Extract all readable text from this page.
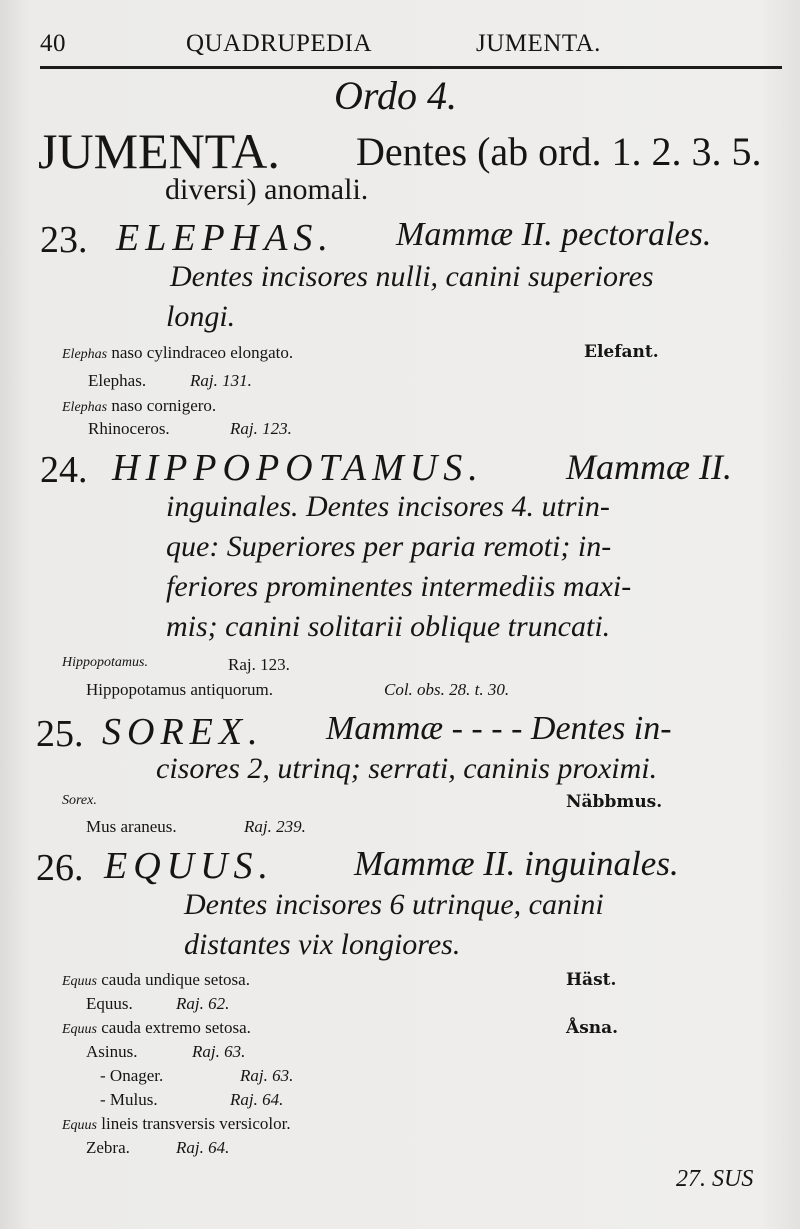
40	QUADRUPEDIA	JUMENTA.
Ordo 4.
JUMENTA. Dentes (ab ord. 1. 2. 3. 5.
diversi) anomali.
23. ELEPHAS. Mammæ II. pectorales.
Dentes incisores nulli, canini superiores
longi.
Elephas naso cylindraceo elongato.	Elefant.
Elephas.	Raj. 131.
Elephas naso cornigero.
Rhinoceros.	Raj. 123.
24. HIPPOPOTAMUS. Mammæ II.
inguinales. Dentes incisores 4. utrin-
que: Superiores per paria remoti; in-
feriores prominentes intermediis maxi-
mis; canini solitarii oblique truncati.
Hippopotamus.	Raj. 123.
Hippopotamus antiquorum.	Col. obs. 28. t. 30.
25. SOREX. Mammæ - - - - Dentes in-
cisores 2, utrinq; serrati, caninis proximi.
Sorex.	Näbbmus.
Mus araneus.	Raj. 239.
26. EQUUS. Mammæ II. inguinales.
Dentes incisores 6 utrinque, canini
distantes vix longiores.
Equus cauda undique setosa.	Häst.
Equus.	Raj. 62.
Equus cauda extremo setosa.	Åsna.
Asinus.	Raj. 63.
- Onager.	Raj. 63.
- Mulus.	Raj. 64.
Equus lineis transversis versicolor.
Zebra.	Raj. 64.
27. SUS
